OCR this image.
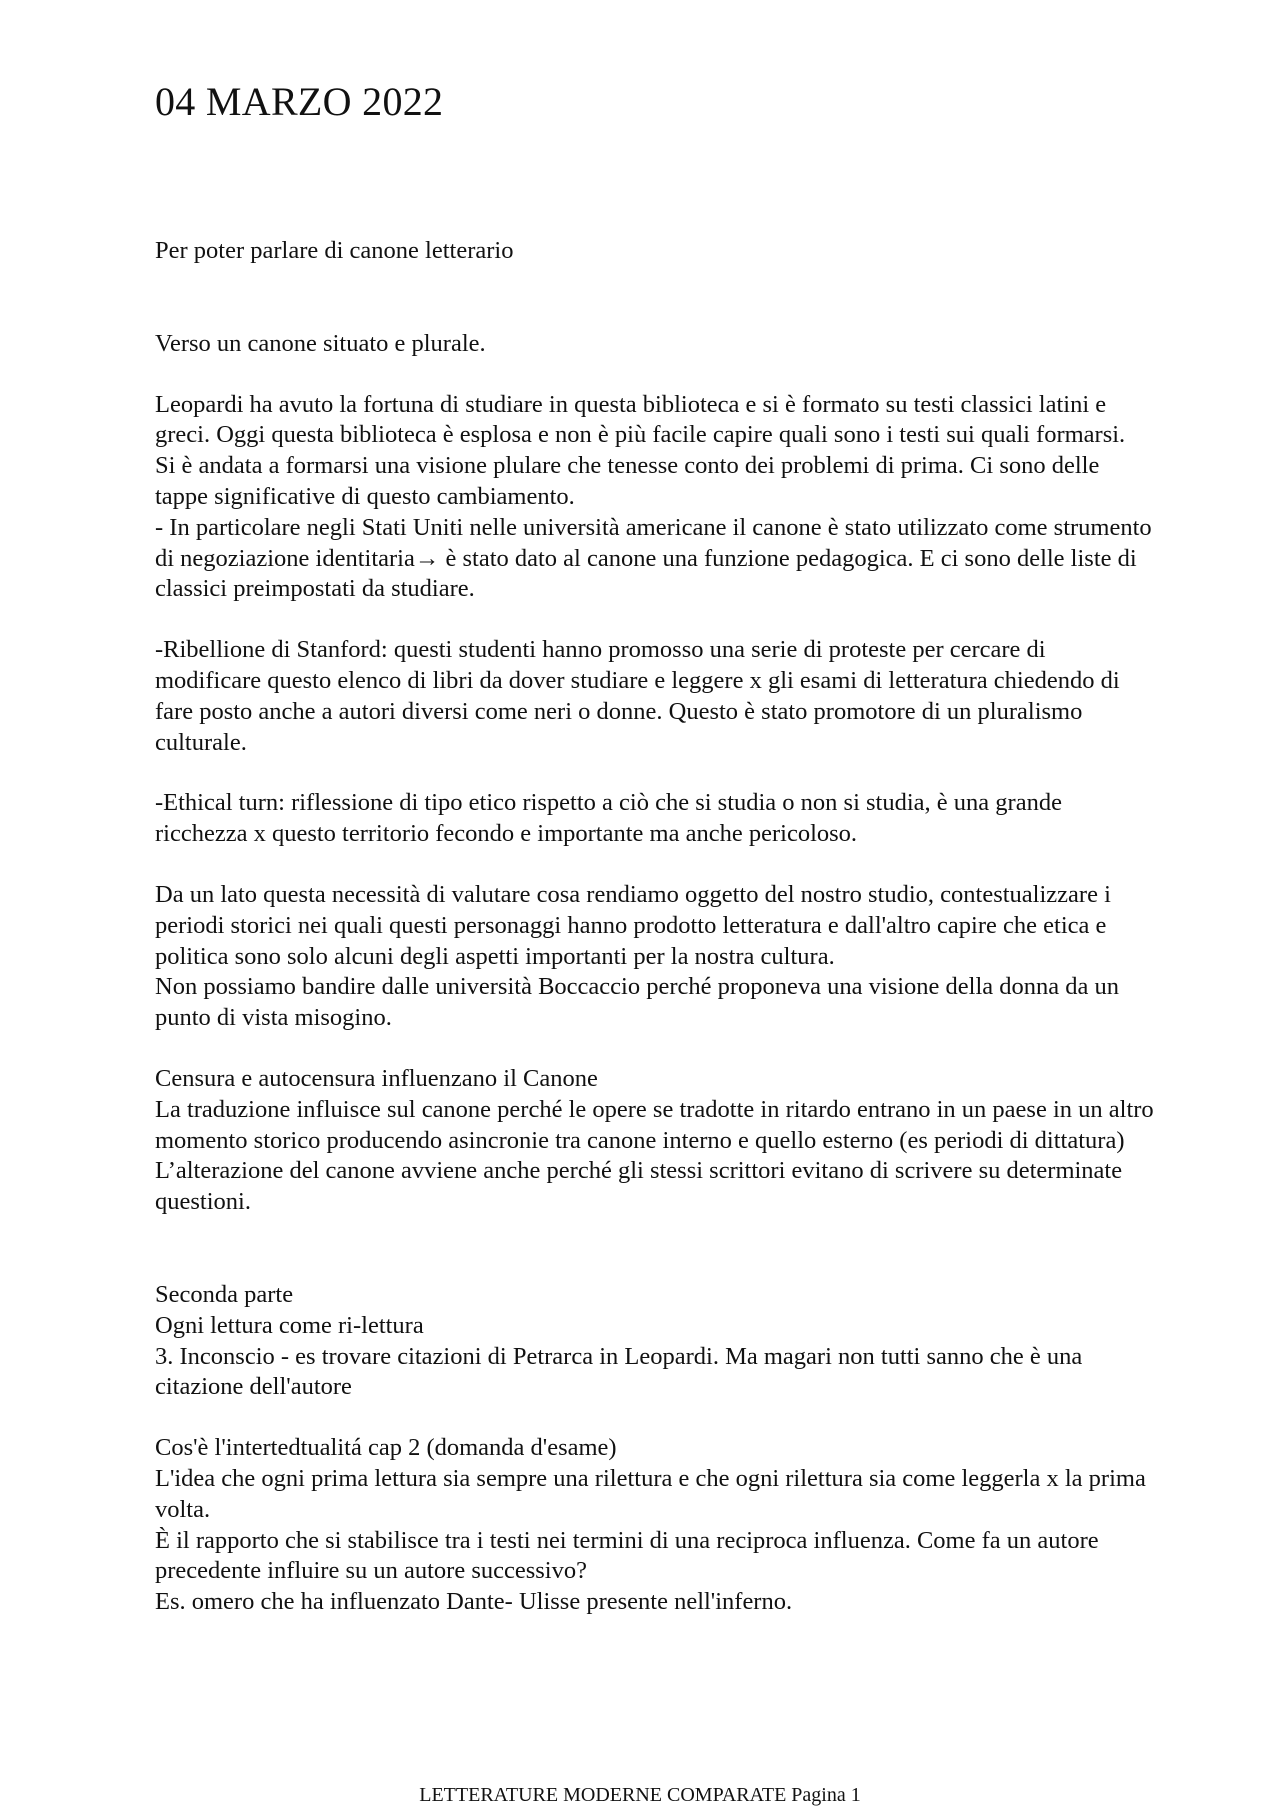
04 MARZO 2022

Per poter parlare di canone letterario

Verso un canone situato e plurale.

Leopardi ha avuto la fortuna di studiare in questa biblioteca e si è formato su testi classici latini e greci. Oggi questa biblioteca è esplosa e non è più facile capire quali sono i testi sui quali formarsi.

Si è andata a formarsi una visione plulare che tenesse conto dei problemi di prima. Ci sono delle tappe significative di questo cambiamento.

- In particolare negli Stati Uniti nelle università americane il canone è stato utilizzato come strumento di negoziazione identitaria→ è stato dato al canone una funzione pedagogica. E ci sono delle liste di classici preimpostati da studiare.

-Ribellione di Stanford: questi studenti hanno promosso una serie di proteste per cercare di modificare questo elenco di libri da dover studiare e leggere x gli esami di letteratura chiedendo di fare posto anche a autori diversi come neri o donne. Questo è stato promotore di un pluralismo culturale.

-Ethical turn: riflessione di tipo etico rispetto a ciò che si studia o non si studia, è una grande ricchezza x questo territorio fecondo e importante ma anche pericoloso.

Da un lato questa necessità di valutare cosa rendiamo oggetto del nostro studio, contestualizzare i periodi storici nei quali questi personaggi hanno prodotto letteratura e dall'altro capire che etica e politica sono solo alcuni degli aspetti importanti per la nostra cultura.

Non possiamo bandire dalle università Boccaccio perché proponeva una visione della donna da un punto di vista misogino.

Censura e autocensura influenzano il Canone

La traduzione influisce sul canone perché le opere se tradotte in ritardo entrano in un paese in un altro momento storico producendo asincronie tra canone interno e quello esterno (es periodi di dittatura)

L’alterazione del canone avviene anche perché gli stessi scrittori evitano di scrivere su determinate questioni.

Seconda parte

Ogni lettura come ri-lettura

3. Inconscio - es trovare citazioni di Petrarca in Leopardi. Ma magari non tutti sanno che è una citazione dell'autore

Cos'è l'intertedtualitá cap 2 (domanda d'esame)

L'idea che ogni prima lettura sia sempre una rilettura e che ogni rilettura sia come leggerla x la prima volta.

È il rapporto che si stabilisce tra i testi nei termini di una reciproca influenza. Come fa un autore precedente influire su un autore successivo?

Es. omero che ha influenzato Dante- Ulisse presente nell'inferno.

LETTERATURE MODERNE COMPARATE Pagina 1
